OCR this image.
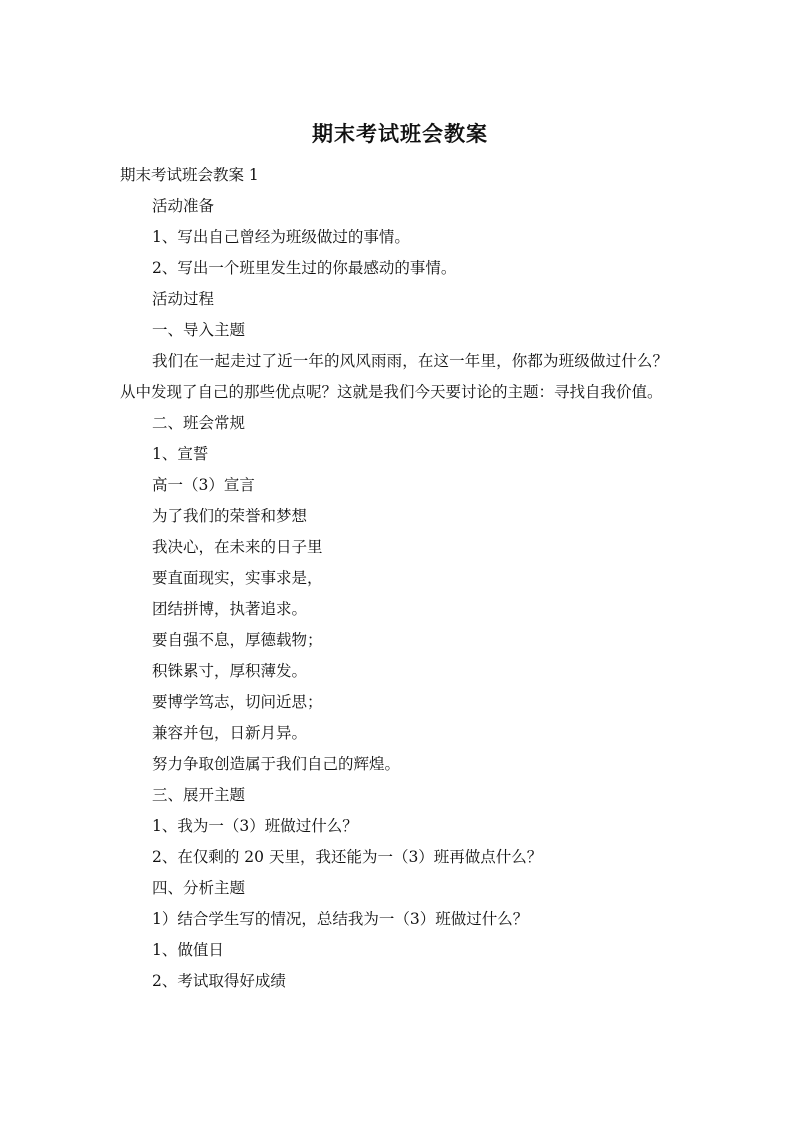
期末考试班会教案
期末考试班会教案 1
活动准备
1、写出自己曾经为班级做过的事情。
2、写出一个班里发生过的你最感动的事情。
活动过程
一、导入主题
我们在一起走过了近一年的风风雨雨，在这一年里，你都为班级做过什么？从中发现了自己的那些优点呢？这就是我们今天要讨论的主题：寻找自我价值。
二、班会常规
1、宣誓
高一（3）宣言
为了我们的荣誉和梦想
我决心，在未来的日子里
要直面现实，实事求是，
团结拼博，执著追求。
要自强不息，厚德载物；
积铢累寸，厚积薄发。
要博学笃志，切问近思；
兼容并包，日新月异。
努力争取创造属于我们自己的辉煌。
三、展开主题
1、我为一（3）班做过什么？
2、在仅剩的 20 天里，我还能为一（3）班再做点什么？
四、分析主题
1）结合学生写的情况，总结我为一（3）班做过什么？
1、做值日
2、考试取得好成绩
